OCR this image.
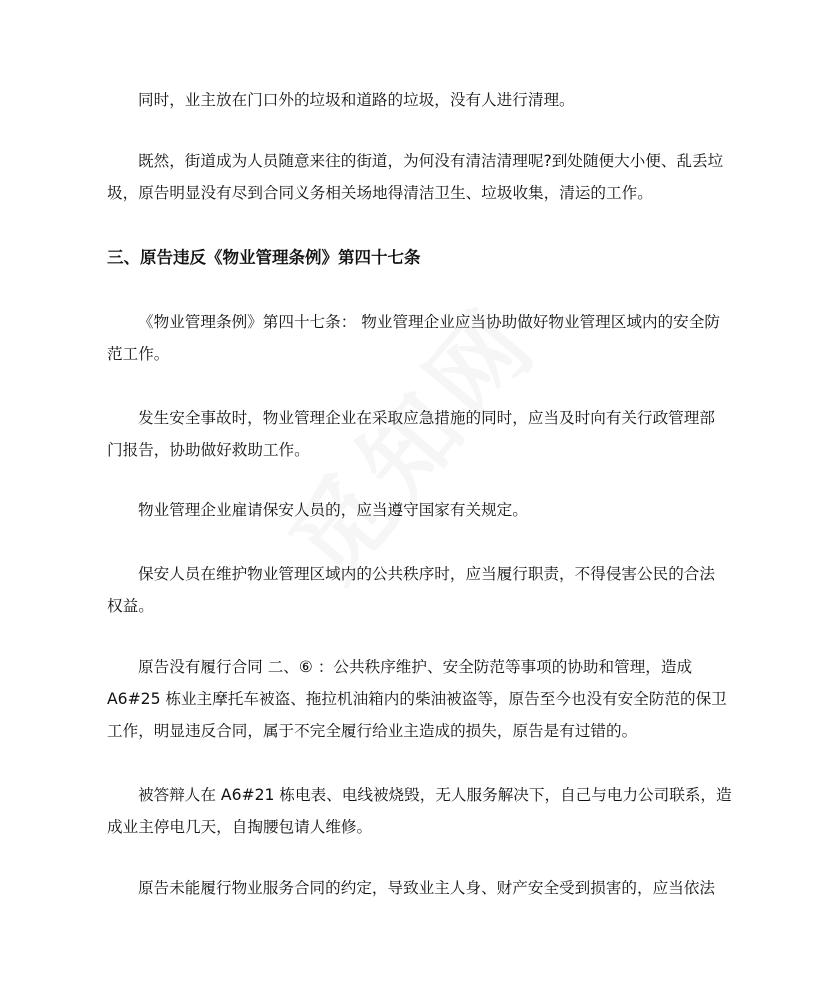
同时，业主放在门口外的垃圾和道路的垃圾，没有人进行清理。
既然，街道成为人员随意来往的街道，为何没有清洁清理呢?到处随便大小便、乱丢垃
圾，原告明显没有尽到合同义务相关场地得清洁卫生、垃圾收集，清运的工作。
三、原告违反《物业管理条例》第四十七条
《物业管理条例》第四十七条： 物业管理企业应当协助做好物业管理区域内的安全防
范工作。
发生安全事故时，物业管理企业在采取应急措施的同时，应当及时向有关行政管理部
门报告，协助做好救助工作。
物业管理企业雇请保安人员的，应当遵守国家有关规定。
保安人员在维护物业管理区域内的公共秩序时，应当履行职责，不得侵害公民的合法
权益。
原告没有履行合同 二、⑥ ：公共秩序维护、安全防范等事项的协助和管理，造成
A6#25 栋业主摩托车被盗、拖拉机油箱内的柴油被盗等，原告至今也没有安全防范的保卫
工作，明显违反合同，属于不完全履行给业主造成的损失，原告是有过错的。
被答辩人在 A6#21 栋电表、电线被烧毁，无人服务解决下，自己与电力公司联系，造
成业主停电几天，自掏腰包请人维修。
原告未能履行物业服务合同的约定，导致业主人身、财产安全受到损害的，应当依法
